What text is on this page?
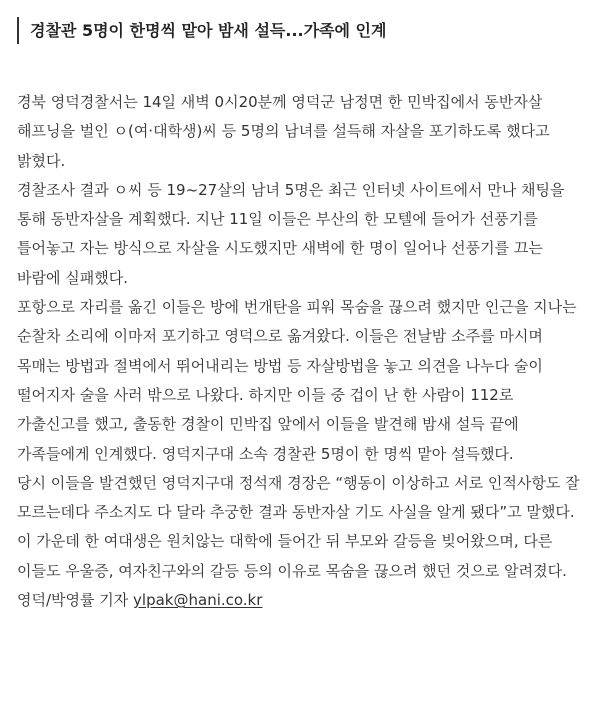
경찰관 5명이 한명씩 맡아 밤새 설득...가족에 인계

경북 영덕경찰서는 14일 새벽 0시20분께 영덕군 남정면 한 민박집에서 동반자살 해프닝을 벌인 ㅇ(여·대학생)씨 등 5명의 남녀를 설득해 자살을 포기하도록 했다고 밝혔다.

경찰조사 결과 ㅇ씨 등 19~27살의 남녀 5명은 최근 인터넷 사이트에서 만나 채팅을 통해 동반자살을 계획했다. 지난 11일 이들은 부산의 한 모텔에 들어가 선풍기를 틀어놓고 자는 방식으로 자살을 시도했지만 새벽에 한 명이 일어나 선풍기를 끄는 바람에 실패했다.

포항으로 자리를 옮긴 이들은 방에 번개탄을 피워 목숨을 끊으려 했지만 인근을 지나는 순찰차 소리에 이마저 포기하고 영덕으로 옮겨왔다. 이들은 전날밤 소주를 마시며 목매는 방법과 절벽에서 뛰어내리는 방법 등 자살방법을 놓고 의견을 나누다 술이 떨어지자 술을 사러 밖으로 나왔다. 하지만 이들 중 겁이 난 한 사람이 112로 가출신고를 했고, 출동한 경찰이 민박집 앞에서 이들을 발견해 밤새 설득 끝에 가족들에게 인계했다. 영덕지구대 소속 경찰관 5명이 한 명씩 맡아 설득했다.

당시 이들을 발견했던 영덕지구대 정석재 경장은 “행동이 이상하고 서로 인적사항도 잘 모르는데다 주소지도 다 달라 추궁한 결과 동반자살 기도 사실을 알게 됐다”고 말했다. 이 가운데 한 여대생은 원치않는 대학에 들어간 뒤 부모와 갈등을 빚어왔으며, 다른 이들도 우울증, 여자친구와의 갈등 등의 이유로 목숨을 끊으려 했던 것으로 알려졌다.

영덕/박영률 기자 ylpak@hani.co.kr
